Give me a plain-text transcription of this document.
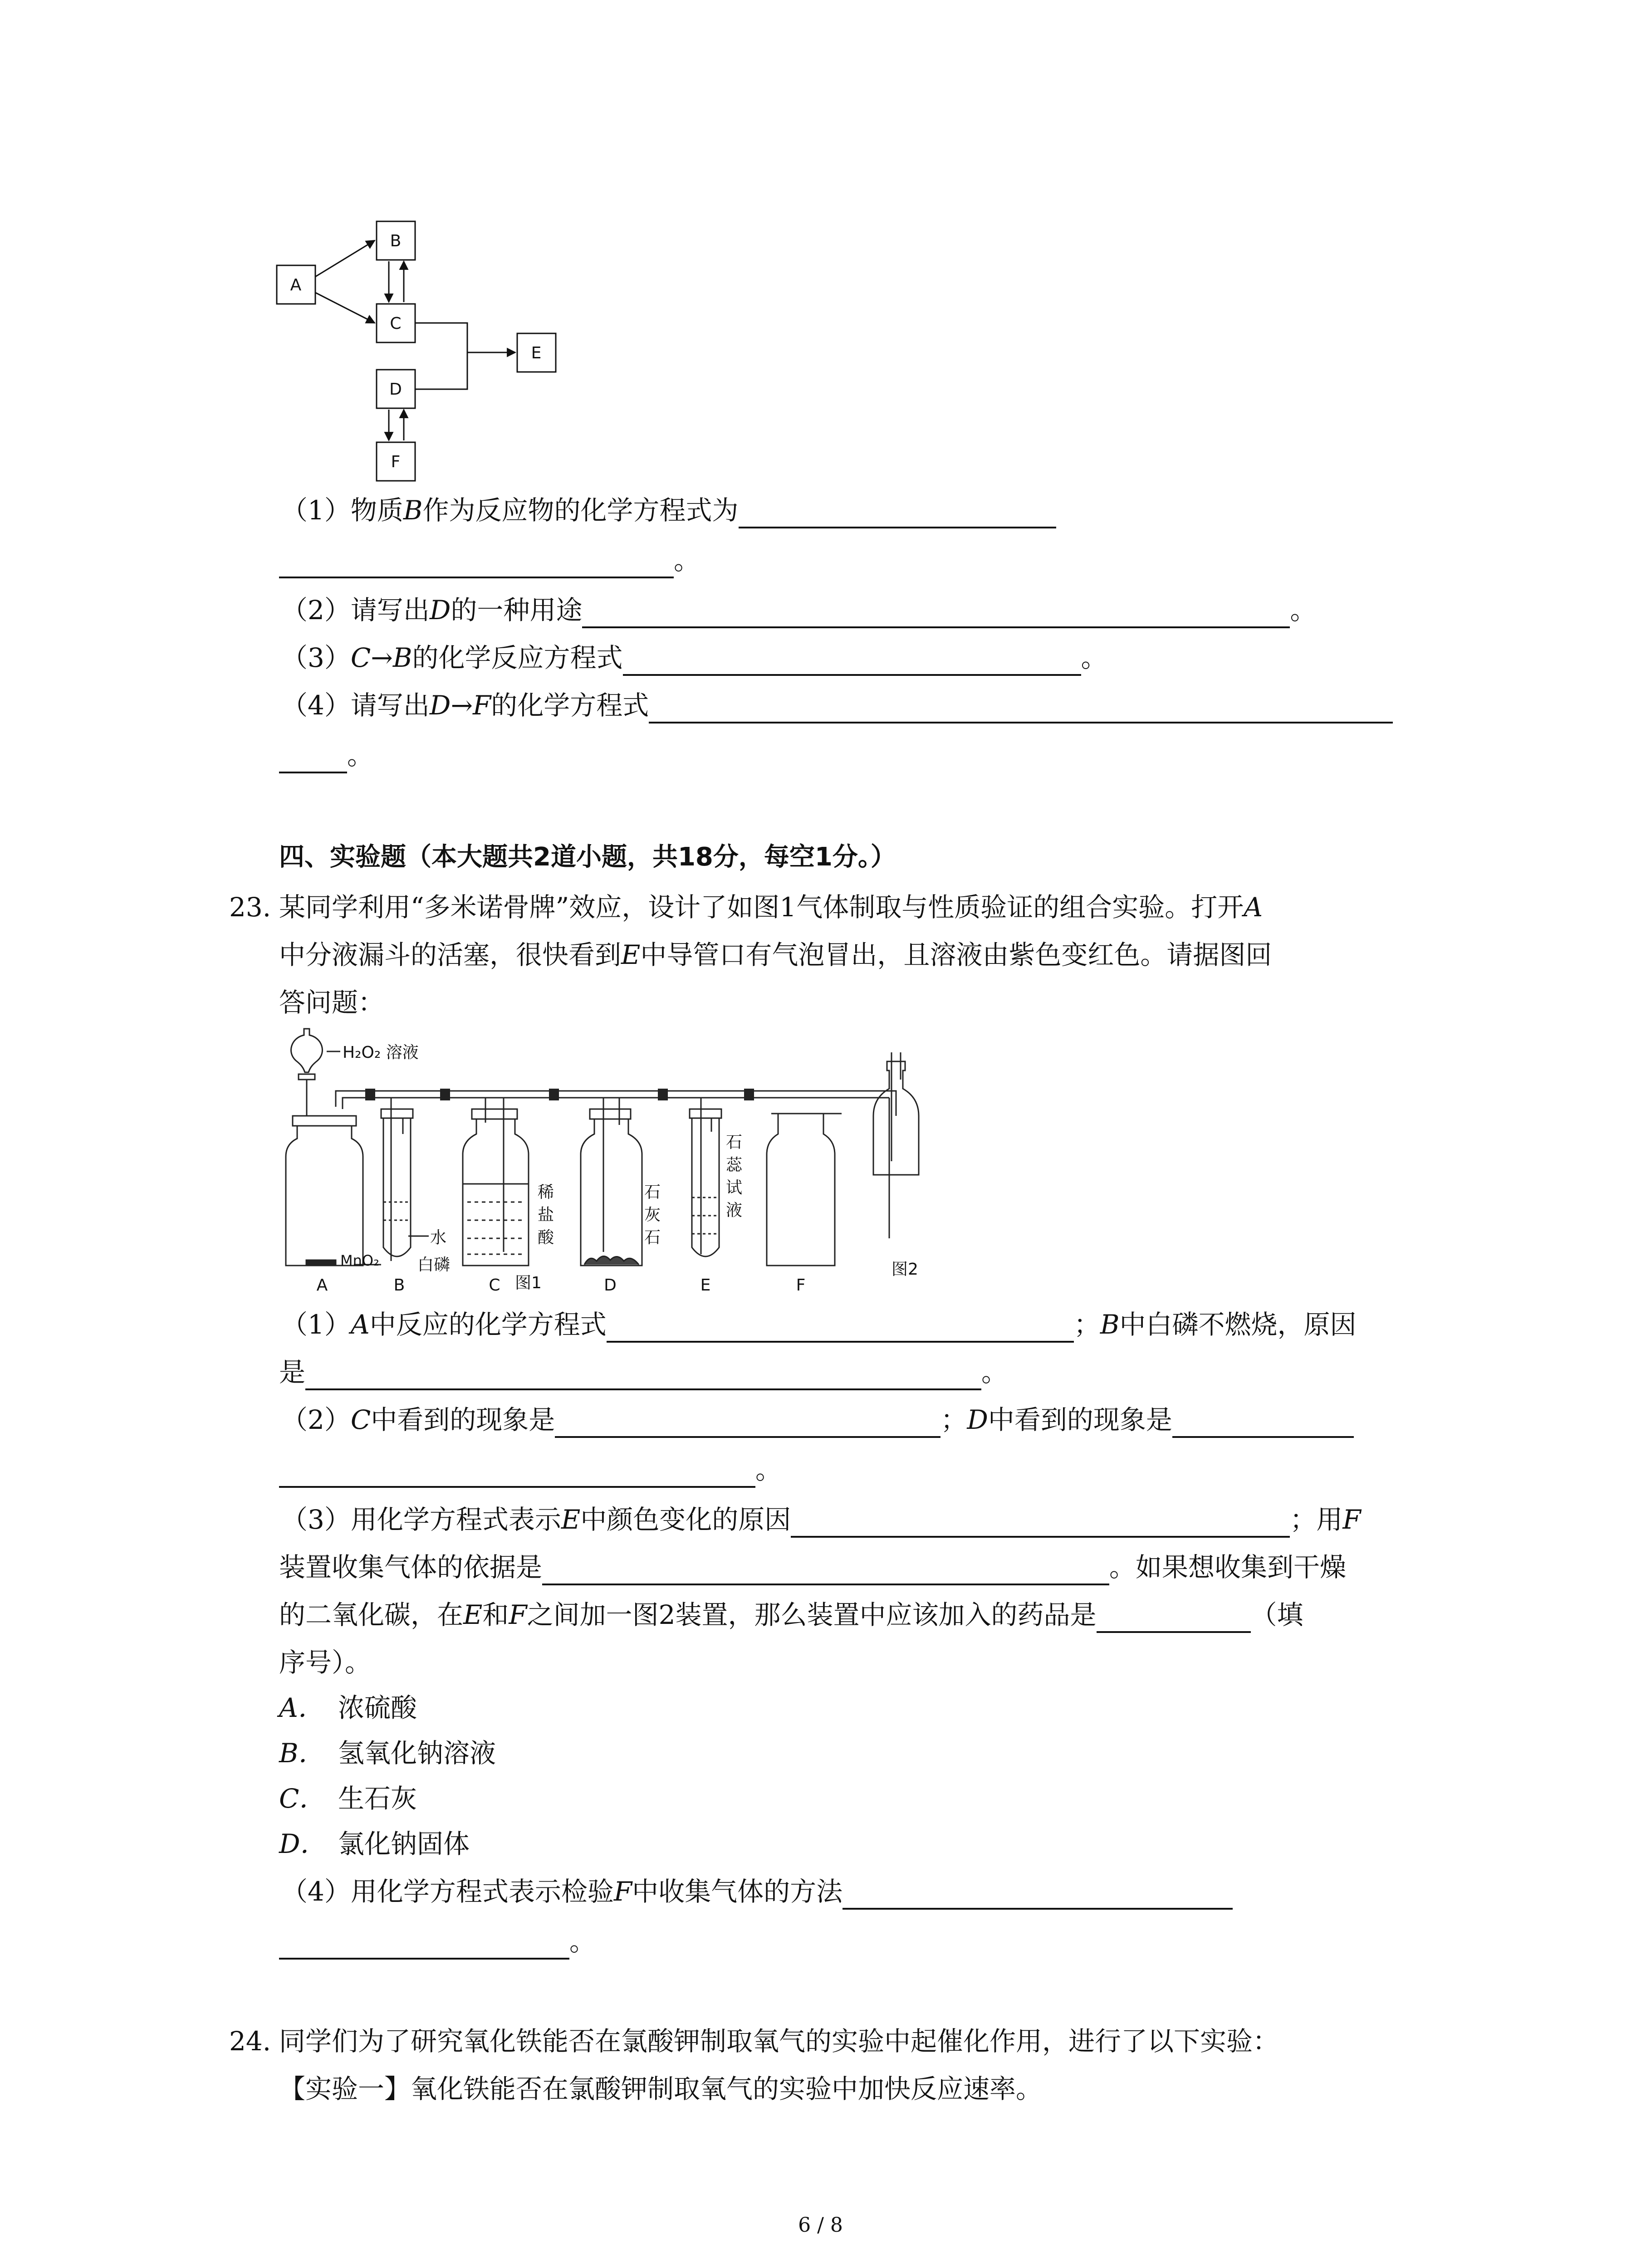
A
B
C
E
D
F
（1）物质B作为反应物的化学方程式为
。
（2）请写出D的一种用途	。
（3）C→B的化学反应方程式	。
（4）请写出D→F的化学方程式
。
四、实验题（本大题共2道小题，共18分，每空1分。）
23. 某同学利用“多米诺骨牌”效应，设计了如图1气体制取与性质验证的组合实验。打开A
中分液漏斗的活塞，很快看到E中导管口有气泡冒出，且溶液由紫色变红色。请据图回
答问题：
H₂O₂ 溶液
水
白磷
MnO₂
稀
盐
酸
石
灰
石
石
蕊
试
液
A	B	C	D	E	F
图1
图2
（1）A中反应的化学方程式	；B中白磷不燃烧，原因
是	。
（2）C中看到的现象是	；D中看到的现象是
。
（3）用化学方程式表示E中颜色变化的原因	；用F
装置收集气体的依据是	。如果想收集到干燥
的二氧化碳，在E和F之间加一图2装置，那么装置中应该加入的药品是	（填
序号）。
A． 浓硫酸
B． 氢氧化钠溶液
C． 生石灰
D． 氯化钠固体
（4）用化学方程式表示检验F中收集气体的方法
。
24. 同学们为了研究氧化铁能否在氯酸钾制取氧气的实验中起催化作用，进行了以下实验：
【实验一】氧化铁能否在氯酸钾制取氧气的实验中加快反应速率。
6 / 8
